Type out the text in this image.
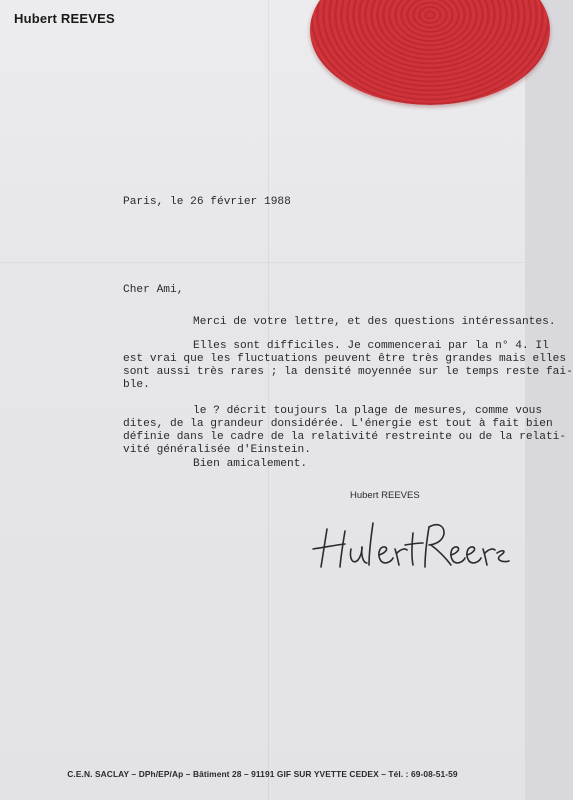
Hubert REEVES

Paris, le 26 février 1988

Cher Ami,

Merci de votre lettre, et des questions intéressantes.

Elles sont difficiles. Je commencerai par la n° 4. Il

est vrai que les fluctuations peuvent être très grandes mais elles

sont aussi très rares ; la densité moyennée sur le temps reste fai-

ble.

le ? décrit toujours la plage de mesures, comme vous

dites, de la grandeur donsidérée. L'énergie est tout à fait bien

définie dans le cadre de la relativité restreinte ou de la relati-

vité généralisée d'Einstein.

Bien amicalement.

Hubert REEVES
C.E.N. SACLAY – DPh/EP/Ap – Bâtiment 28 – 91191 GIF SUR YVETTE CEDEX – Tél. : 69-08-51-59
